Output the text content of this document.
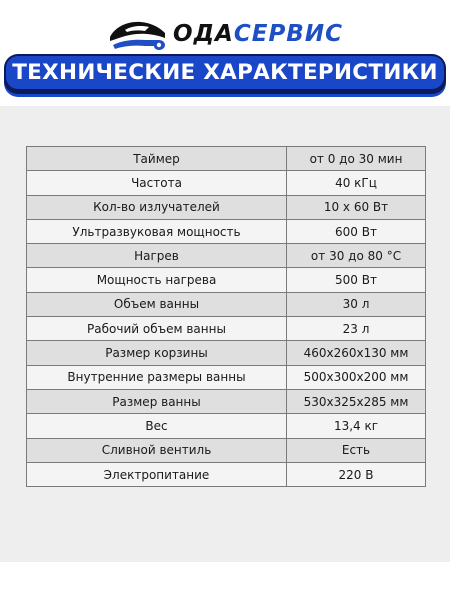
ОДА СЕРВИС
ТЕХНИЧЕСКИЕ ХАРАКТЕРИСТИКИ
Таймер	от 0 до 30 мин
Частота	40 кГц
Кол-во излучателей	10 х 60 Вт
Ультразвуковая мощность	600 Вт
Нагрев	от 30 до 80 °С
Мощность нагрева	500 Вт
Объем ванны	30 л
Рабочий объем ванны	23 л
Размер корзины	460х260х130 мм
Внутренние размеры ванны	500х300х200 мм
Размер ванны	530х325х285 мм
Вес	13,4 кг
Сливной вентиль	Есть
Электропитание	220 В
